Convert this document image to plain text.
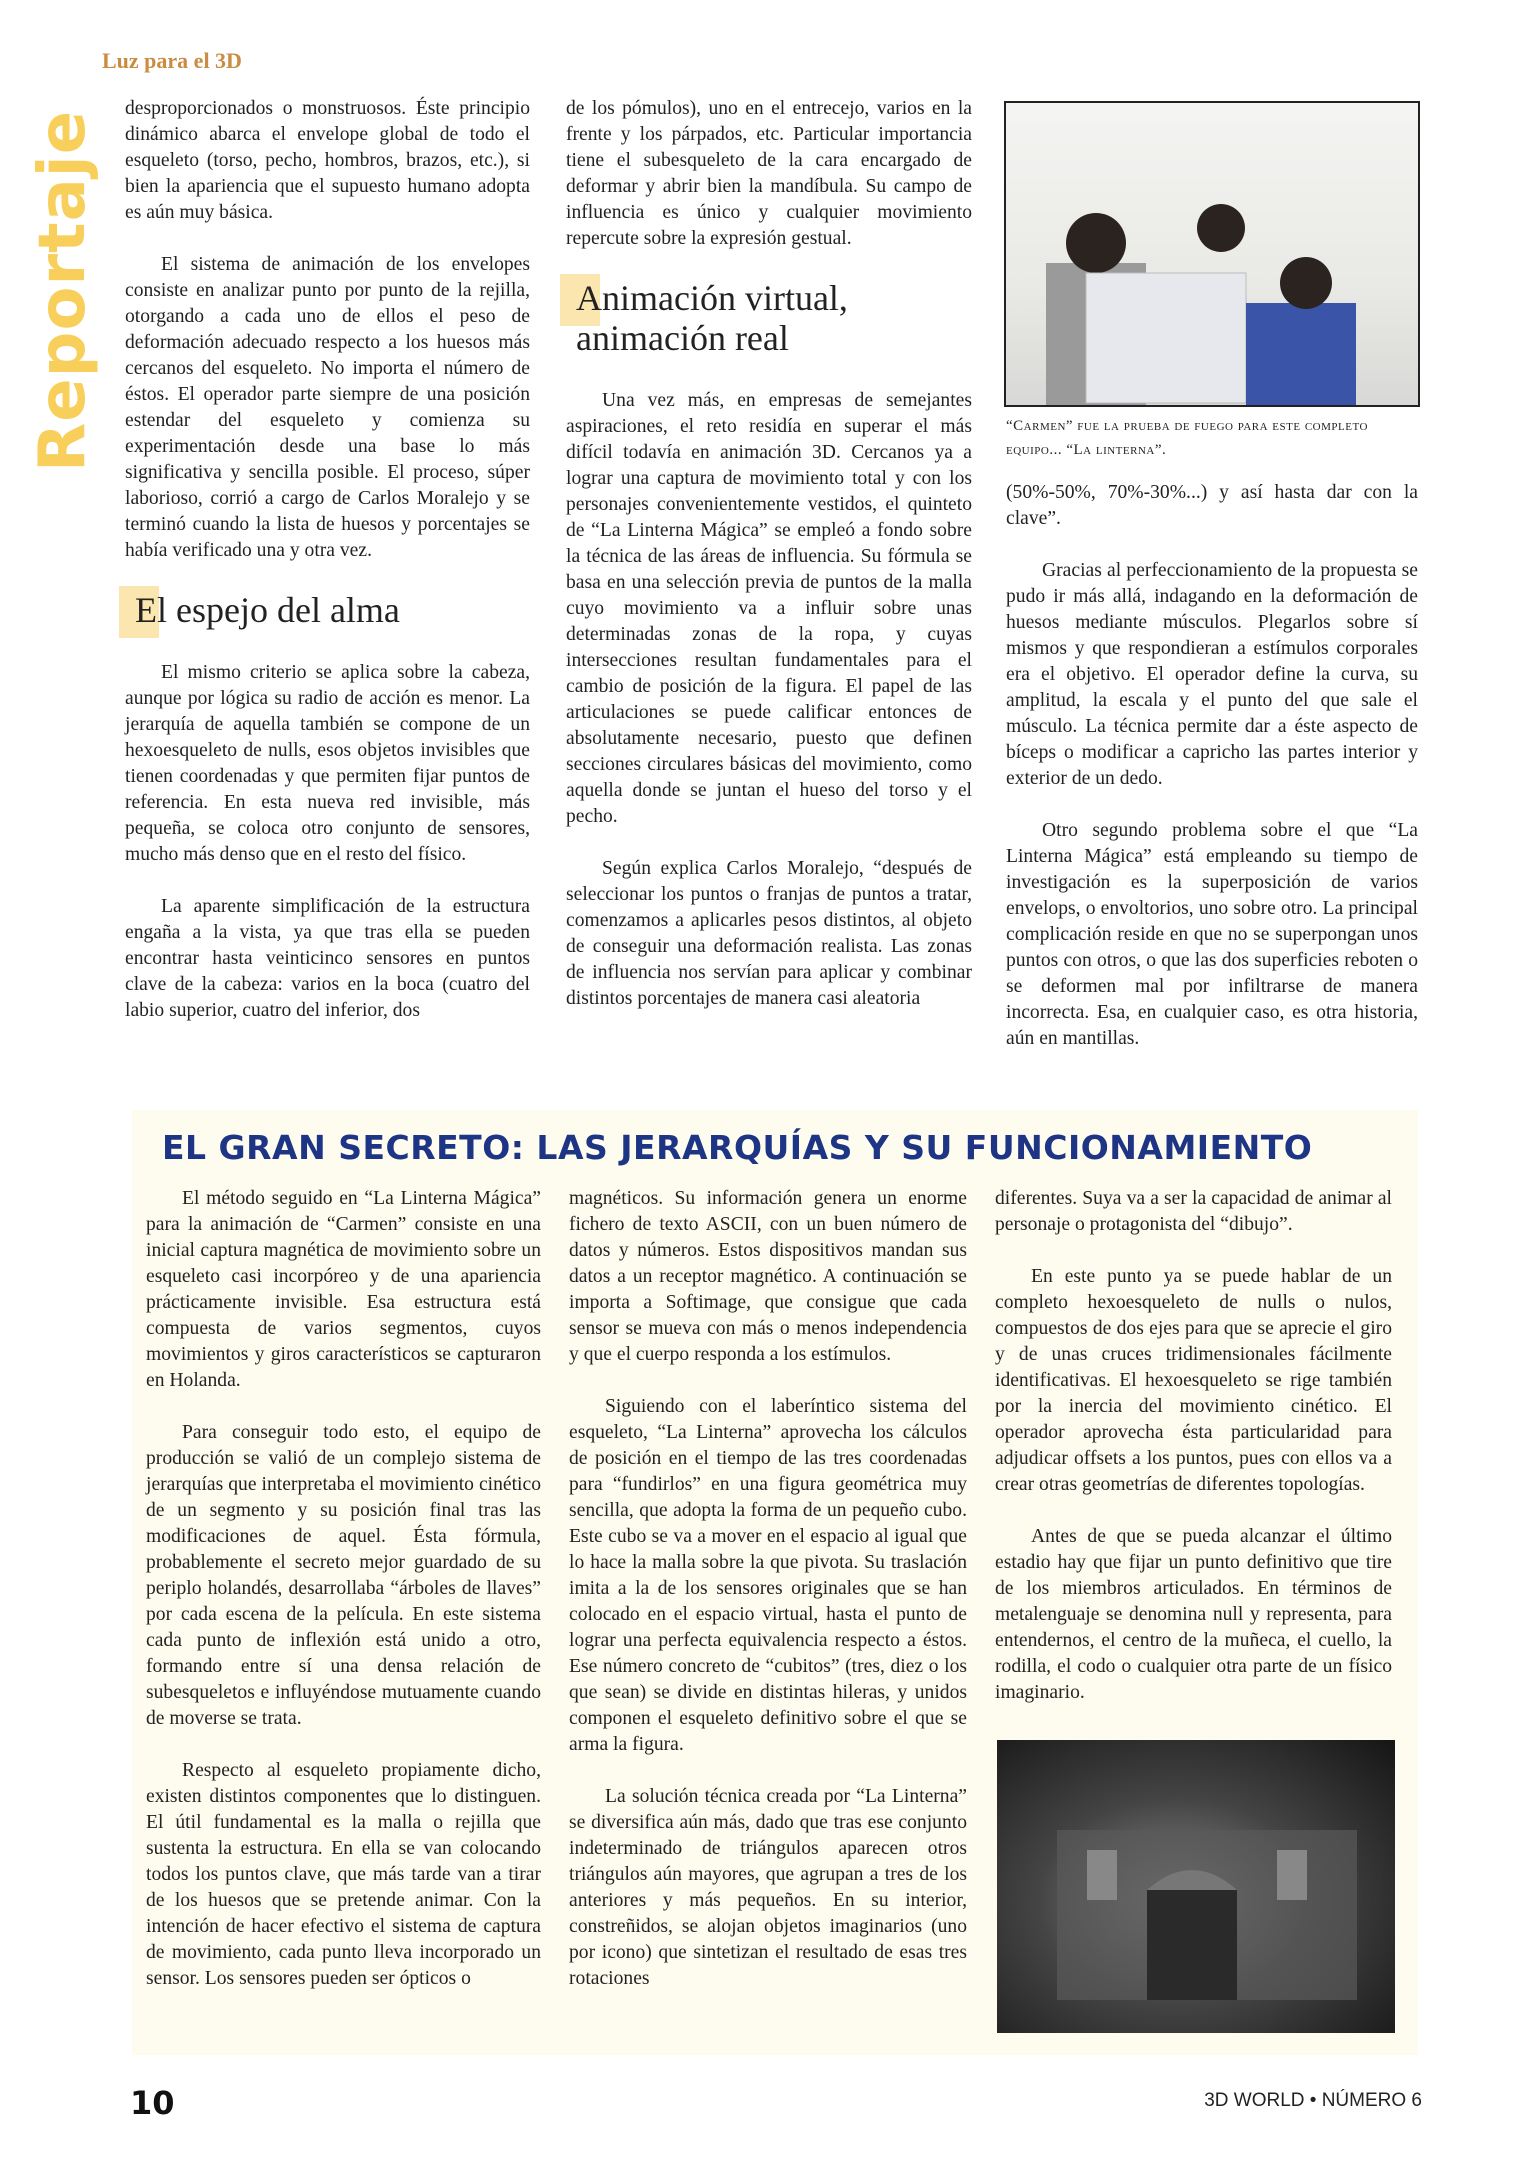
Reportaje
Luz para el 3D

desproporcionados o monstruosos. Éste principio dinámico abarca el envelope global de todo el esqueleto (torso, pecho, hombros, brazos, etc.), si bien la apariencia que el supuesto humano adopta es aún muy básica.

El sistema de animación de los envelopes consiste en analizar punto por punto de la rejilla, otorgando a cada uno de ellos el peso de deformación adecuado respecto a los huesos más cercanos del esqueleto. No importa el número de éstos. El operador parte siempre de una posición estendar del esqueleto y comienza su experimentación desde una base lo más significativa y sencilla posible. El proceso, súper laborioso, corrió a cargo de Carlos Moralejo y se terminó cuando la lista de huesos y porcentajes se había verificado una y otra vez.

El espejo del alma

El mismo criterio se aplica sobre la cabeza, aunque por lógica su radio de acción es menor. La jerarquía de aquella también se compone de un hexoesqueleto de nulls, esos objetos invisibles que tienen coordenadas y que permiten fijar puntos de referencia. En esta nueva red invisible, más pequeña, se coloca otro conjunto de sensores, mucho más denso que en el resto del físico.

La aparente simplificación de la estructura engaña a la vista, ya que tras ella se pueden encontrar hasta veinticinco sensores en puntos clave de la cabeza: varios en la boca (cuatro del labio superior, cuatro del inferior, dos

de los pómulos), uno en el entrecejo, varios en la frente y los párpados, etc. Particular importancia tiene el subesqueleto de la cara encargado de deformar y abrir bien la mandíbula. Su campo de influencia es único y cualquier movimiento repercute sobre la expresión gestual.

Animación virtual, animación real

Una vez más, en empresas de semejantes aspiraciones, el reto residía en superar el más difícil todavía en animación 3D. Cercanos ya a lograr una captura de movimiento total y con los personajes convenientemente vestidos, el quinteto de “La Linterna Mágica” se empleó a fondo sobre la técnica de las áreas de influencia. Su fórmula se basa en una selección previa de puntos de la malla cuyo movimiento va a influir sobre unas determinadas zonas de la ropa, y cuyas intersecciones resultan fundamentales para el cambio de posición de la figura. El papel de las articulaciones se puede calificar entonces de absolutamente necesario, puesto que definen secciones circulares básicas del movimiento, como aquella donde se juntan el hueso del torso y el pecho.

Según explica Carlos Moralejo, “después de seleccionar los puntos o franjas de puntos a tratar, comenzamos a aplicarles pesos distintos, al objeto de conseguir una deformación realista. Las zonas de influencia nos servían para aplicar y combinar distintos porcentajes de manera casi aleatoria

“Carmen” fue la prueba de fuego para este completo equipo... “La linterna”.

(50%-50%, 70%-30%...) y así hasta dar con la clave”.

Gracias al perfeccionamiento de la propuesta se pudo ir más allá, indagando en la deformación de huesos mediante músculos. Plegarlos sobre sí mismos y que respondieran a estímulos corporales era el objetivo. El operador define la curva, su amplitud, la escala y el punto del que sale el músculo. La técnica permite dar a éste aspecto de bíceps o modificar a capricho las partes interior y exterior de un dedo.

Otro segundo problema sobre el que “La Linterna Mágica” está empleando su tiempo de investigación es la superposición de varios envelops, o envoltorios, uno sobre otro. La principal complicación reside en que no se superpongan unos puntos con otros, o que las dos superficies reboten o se deformen mal por infiltrarse de manera incorrecta. Esa, en cualquier caso, es otra historia, aún en mantillas.

EL GRAN SECRETO: LAS JERARQUÍAS Y SU FUNCIONAMIENTO

El método seguido en “La Linterna Mágica” para la animación de “Carmen” consiste en una inicial captura magnética de movimiento sobre un esqueleto casi incorpóreo y de una apariencia prácticamente invisible. Esa estructura está compuesta de varios segmentos, cuyos movimientos y giros característicos se capturaron en Holanda.

Para conseguir todo esto, el equipo de producción se valió de un complejo sistema de jerarquías que interpretaba el movimiento cinético de un segmento y su posición final tras las modificaciones de aquel. Ésta fórmula, probablemente el secreto mejor guardado de su periplo holandés, desarrollaba “árboles de llaves” por cada escena de la película. En este sistema cada punto de inflexión está unido a otro, formando entre sí una densa relación de subesqueletos e influyéndose mutuamente cuando de moverse se trata.

Respecto al esqueleto propiamente dicho, existen distintos componentes que lo distinguen. El útil fundamental es la malla o rejilla que sustenta la estructura. En ella se van colocando todos los puntos clave, que más tarde van a tirar de los huesos que se pretende animar. Con la intención de hacer efectivo el sistema de captura de movimiento, cada punto lleva incorporado un sensor. Los sensores pueden ser ópticos o

magnéticos. Su información genera un enorme fichero de texto ASCII, con un buen número de datos y números. Estos dispositivos mandan sus datos a un receptor magnético. A continuación se importa a Softimage, que consigue que cada sensor se mueva con más o menos independencia y que el cuerpo responda a los estímulos.

Siguiendo con el laberíntico sistema del esqueleto, “La Linterna” aprovecha los cálculos de posición en el tiempo de las tres coordenadas para “fundirlos” en una figura geométrica muy sencilla, que adopta la forma de un pequeño cubo. Este cubo se va a mover en el espacio al igual que lo hace la malla sobre la que pivota. Su traslación imita a la de los sensores originales que se han colocado en el espacio virtual, hasta el punto de lograr una perfecta equivalencia respecto a éstos. Ese número concreto de “cubitos” (tres, diez o los que sean) se divide en distintas hileras, y unidos componen el esqueleto definitivo sobre el que se arma la figura.

La solución técnica creada por “La Linterna” se diversifica aún más, dado que tras ese conjunto indeterminado de triángulos aparecen otros triángulos aún mayores, que agrupan a tres de los anteriores y más pequeños. En su interior, constreñidos, se alojan objetos imaginarios (uno por icono) que sintetizan el resultado de esas tres rotaciones

diferentes. Suya va a ser la capacidad de animar al personaje o protagonista del “dibujo”.

En este punto ya se puede hablar de un completo hexoesqueleto de nulls o nulos, compuestos de dos ejes para que se aprecie el giro y de unas cruces tridimensionales fácilmente identificativas. El hexoesqueleto se rige también por la inercia del movimiento cinético. El operador aprovecha ésta particularidad para adjudicar offsets a los puntos, pues con ellos va a crear otras geometrías de diferentes topologías.

Antes de que se pueda alcanzar el último estadio hay que fijar un punto definitivo que tire de los miembros articulados. En términos de metalenguaje se denomina null y representa, para entendernos, el centro de la muñeca, el cuello, la rodilla, el codo o cualquier otra parte de un físico imaginario.

10	3D WORLD • NÚMERO 6
